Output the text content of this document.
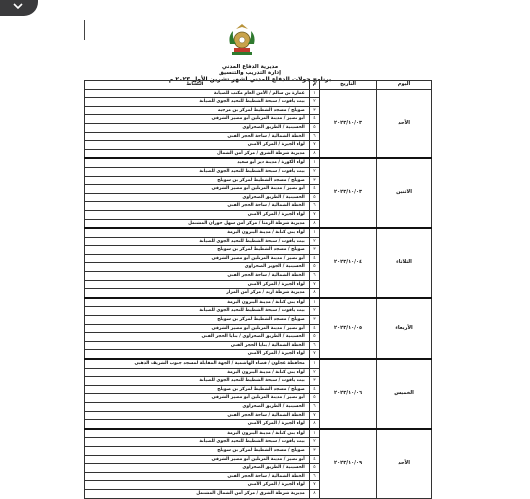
مديرية الدفاع المدني
إدارة التدريب والتنسيق
برنامج جولات الدفاع المدني لشهر تشرين الأول ٢٠٢٣ م
النشاط	م	التاريخ	اليوم
عمارة بن سالم / الأمن العام مكتب للصيانة	١	٢٠٢٣/١٠/٠٣	الأحد
بيت ياقوت / سبحة الشطيط للتحيد الجوي للصيانة	٢		
صويلح / مسجد الشطيط لمركز بن مرجيه	٣		
أبو نصير / مدينة المرتلين أبو مصير الشرقي	٤		
الحسينية / الطريق الصحراوي	٥		
الخطة الشمالية / ساحة الحجز الفني	٦		
لواء الجيزة / المركز الأمني	٧		
مديرية شرطة الشرق / مركز أمن الشمال	٨		
لواء الكورة / مدينة دير أبو سعيد	١	٢٠٢٣/١٠/٠٣	الاثنين
بيت ياقوت / سبحة الشطيط للتحيد الجوي للصيانة	٢		
صويلح / مسجد الشطيط لمركز بن سويلح	٣		
أبو نصير / مدينة المرتلين أبو مصير الشرقي	٤		
الحسينية / الطريق الصحراوي	٥		
الخطة الشمالية / ساحة الحجز الفني	٦		
لواء الجيزة / المركز الأمني	٧		
مديرية شرطة الرمثا / مركز أمن سهل حوران المشتمل	٨		
لواء بني كنانة / مدينة البترون البرمة	١	٢٠٢٣/١٠/٠٤	الثلاثاء
بيت ياقوت / سبحة الشطيط للتحيد الجوي للصيانة	٢		
صويلح / مسجد الشطيط لمركز بن سويلح	٣		
أبو نصير / مدينة المرتلين أبو مصير الشرقي	٤		
الحسينية / الجويز الصحراوي	٥		
الخطة الشمالية / ساحة الحجز الفني	٦		
لواء الجيزة / المركز الأمني	٧		
مديرية شرطة اربد / مركز أمن المزار	٨		
لواء بني كنانة / مدينة البترون البرمة	١	٢٠٢٣/١٠/٠٥	الأربعاء
بيت ياقوت / سبحة الشطيط للتحيد الجوي للصيانة	٢		
صويلح / مسجد الشطيط لمركز بن سويلح	٣		
أبو نصير / مدينة المرتلين أبو مصير الشرقي	٤		
الحسينية / الطريق الصحراوي / بنايا الحجز الفني	٥		
الخطة الشمالية / بنايا الحجز الفني	٦		
لواء الجيزة / المركز الأمني	٧		
محافظة عجلون / قضاء الهاشمية / الجهة المقابلة لمسجد جنوب الشريف الذهبي	١	٢٠٢٣/١٠/٠٦	الخميس
لواء بني كنانة / مدينة البترون البرمة	٢		
بيت ياقوت / سبحة الشطيط للتحيد الجوي للصيانة	٣		
صويلح / مسجد الشطيط لمركز بن صويلح	٤		
أبو نصير / مدينة المرتلين أبو مصير الشرقي	٥		
الحسينية / الطريق الصحراوي	٦		
الخطة الشمالية / ساحة الحجز الفني	٧		
لواء الجيزة / المركز الأمني	٨		
لواء بني كنانة / مدينة البترون البرمة	١	٢٠٢٣/١٠/٠٩	الأحد
بيت ياقوت / سبحة الشطيط للتحيد الجوي للصيانة	٢		
صويلح / مسجد الشطيط لمركز بن سويلح	٣		
أبو نصير / مدينة المرتلين أبو مصير الشرقي	٤		
الحسينية / الطريق الصحراوي	٥		
الخطة الشمالية / ساحة الحجز الفني	٦		
لواء الجيزة / المركز الأمني	٧		
مديرية شرطة الشرق / مركز أمن الشمال المشتمل	٨		
